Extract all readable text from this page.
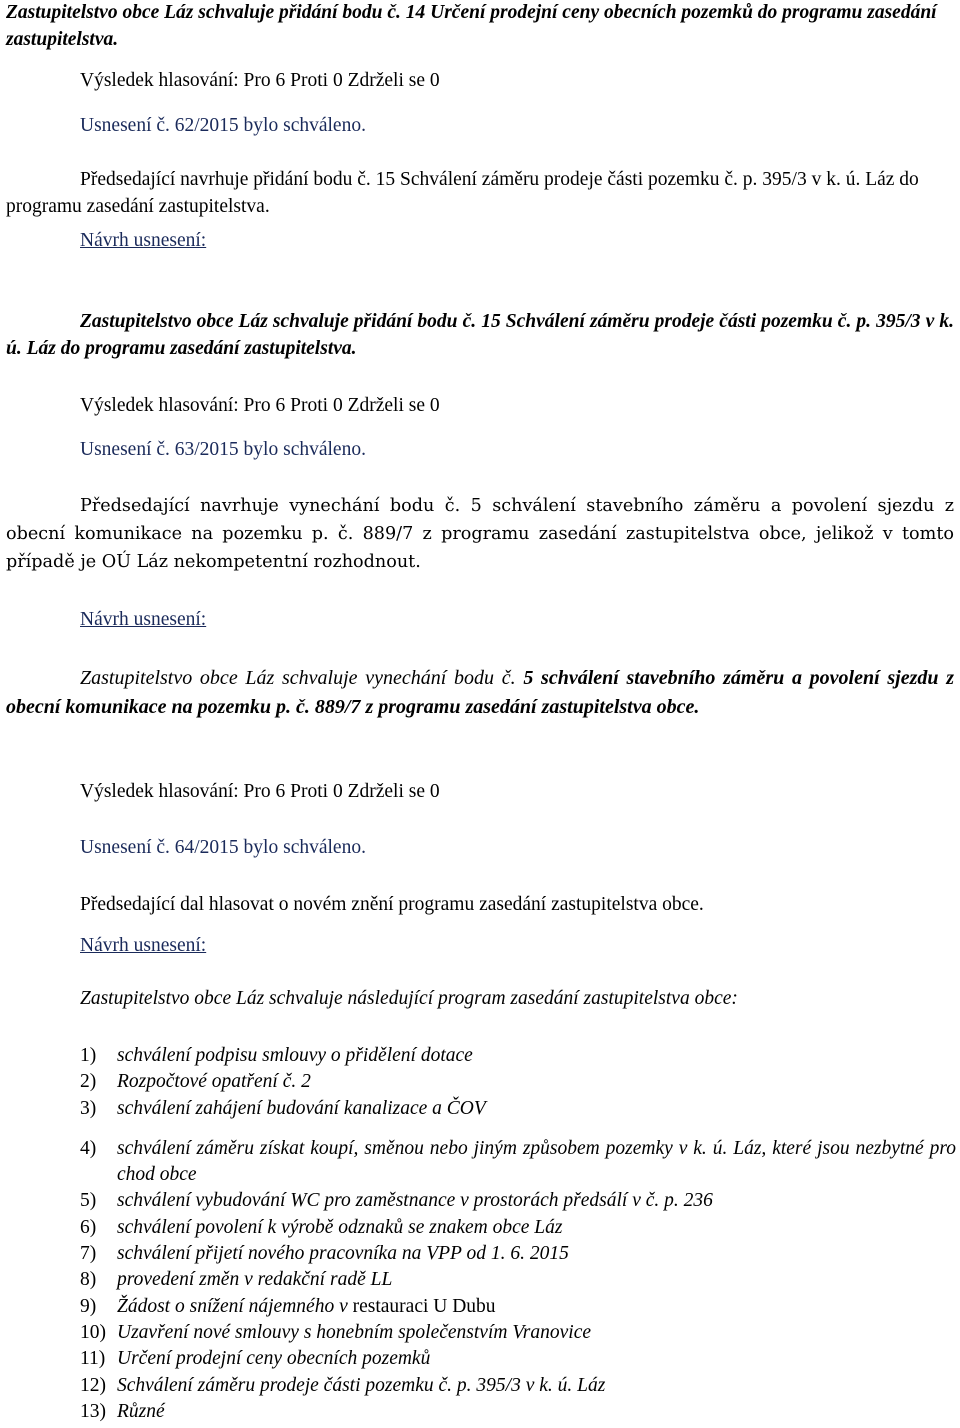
Zastupitelstvo obce Láz schvaluje přidání bodu č. 14 Určení prodejní ceny obecních pozemků do programu zasedání zastupitelstva.

Výsledek hlasování: Pro 6 Proti 0 Zdrželi se 0

Usnesení č. 62/2015 bylo schváleno.

Předsedající navrhuje přidání bodu č. 15 Schválení záměru prodeje části pozemku č. p. 395/3 v k. ú. Láz do programu zasedání zastupitelstva.

Návrh usnesení:

Zastupitelstvo obce Láz schvaluje přidání bodu č. 15 Schválení záměru prodeje části pozemku č. p. 395/3 v k. ú. Láz do programu zasedání zastupitelstva.

Výsledek hlasování: Pro 6 Proti 0 Zdrželi se 0

Usnesení č. 63/2015 bylo schváleno.

Předsedající navrhuje vynechání bodu č. 5 schválení stavebního záměru a povolení sjezdu z obecní komunikace na pozemku p. č. 889/7 z programu zasedání zastupitelstva obce, jelikož v tomto případě je OÚ Láz nekompetentní rozhodnout.

Návrh usnesení:

Zastupitelstvo obce Láz schvaluje vynechání bodu č. 5 schválení stavebního záměru a povolení sjezdu z obecní komunikace na pozemku p. č. 889/7 z programu zasedání zastupitelstva obce.

Výsledek hlasování: Pro 6 Proti 0 Zdrželi se 0

Usnesení č. 64/2015 bylo schváleno.

Předsedající dal hlasovat o novém znění programu zasedání zastupitelstva obce.

Návrh usnesení:

Zastupitelstvo obce Láz schvaluje následující program zasedání zastupitelstva obce:

1) schválení podpisu smlouvy o přidělení dotace
2) Rozpočtové opatření č. 2
3) schválení zahájení budování kanalizace a ČOV
4) schválení záměru získat koupí, směnou nebo jiným způsobem pozemky v k. ú. Láz, které jsou nezbytné pro chod obce
5) schválení vybudování WC pro zaměstnance v prostorách předsálí v č. p. 236
6) schválení povolení k výrobě odznaků se znakem obce Láz
7) schválení přijetí nového pracovníka na VPP od 1. 6. 2015
8) provedení změn v redakční radě LL
9) Žádost o snížení nájemného v restauraci U Dubu
10) Uzavření nové smlouvy s honebním společenstvím Vranovice
11) Určení prodejní ceny obecních pozemků
12) Schválení záměru prodeje části pozemku č. p. 395/3 v k. ú. Láz
13) Různé
